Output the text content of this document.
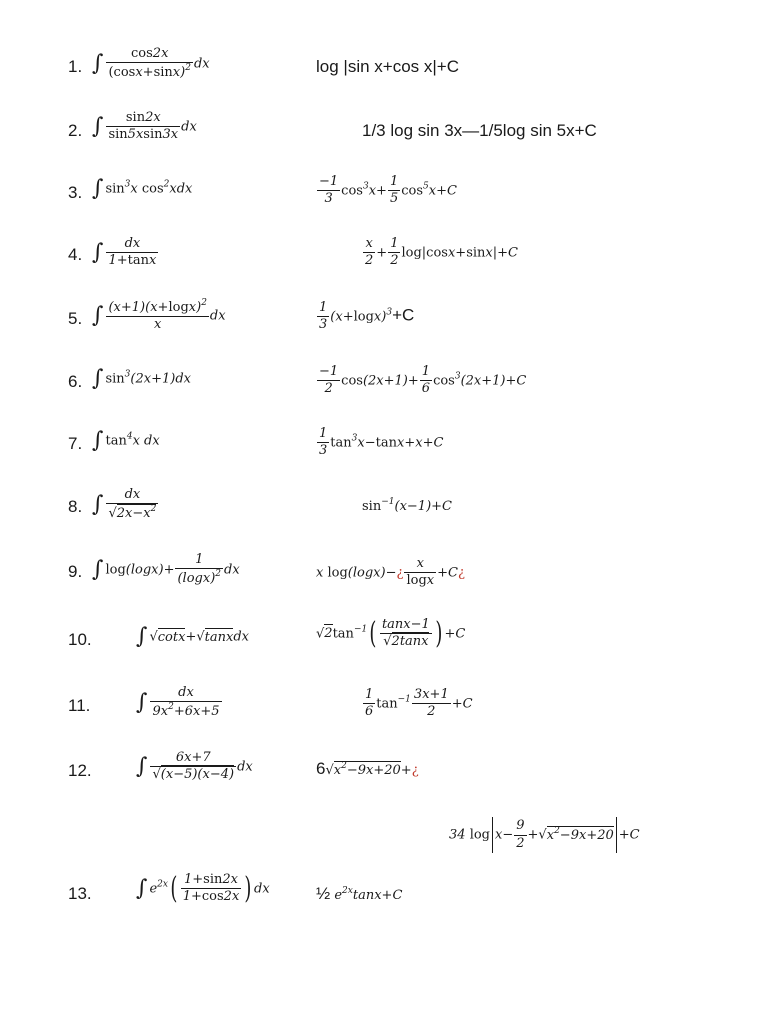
1. ∫ $\frac{\cos 2x}{(\cos x+\sin x)^2}$ dx	log |sin x+cos x|+C
2. ∫ $\frac{\sin 2x}{\sin 5xsin3x}$ dx	1/3 log sin 3x—1/5log sin 5x+C
3. ∫ $\sin^3x$ $\cos^2xdx$	$\frac{-1}{3} \cos^3x+ \frac{1}{5} \cos^5x+C$
4. ∫ $\frac{dx}{1+\tan x}$	$\frac{x}{2} + \frac{1}{2} \log|\cos x+\sin x|+C$
5. ∫ $\frac{(x+1)(x+\log x)^2}{x}$ dx	$\frac{1}{3} (x+\log x)^3+C$
6. ∫ $\sin^3(2x+1)dx$	$\frac{-1}{2} \cos(2x+1)+ \frac{1}{6} \cos^3(2x+1)+C$
7. ∫ $\tan^4x$ dx	$\frac{1}{3} \tan^3x-\tan x+x+C$
8. ∫ $\frac{dx}{√2x-x^2}$	$\sin^{-1}(x-1)+C$
9. ∫ $\log(\log x)+ \frac{1}{(\log x)^2}$ dx	x log(logx)−¿ $\frac{x}{\log x}$ +C¿
10. ∫ √cotx+√tanxdx	$√2\tan^{-1}( \frac{\tan x-1}{√2\tan x}$ ) +C
11. ∫ $\frac{dx}{9x^2+6x+5}$	$\frac{1}{6} \tan^{-1} \frac{3x+1}{2} +C$
12. ∫ $\frac{6x+7}{√(x-5)(x-4)}$ dx	$6√x^2-9x+20+¿$
34 $\log x- \frac{9}{2} +√x^2-9x+20 +C$
13. ∫ $e^{2x}( \frac{1+\sin 2x}{1+\cos 2x}$ ) dx	½ $e^{2x}\tan x+C$
